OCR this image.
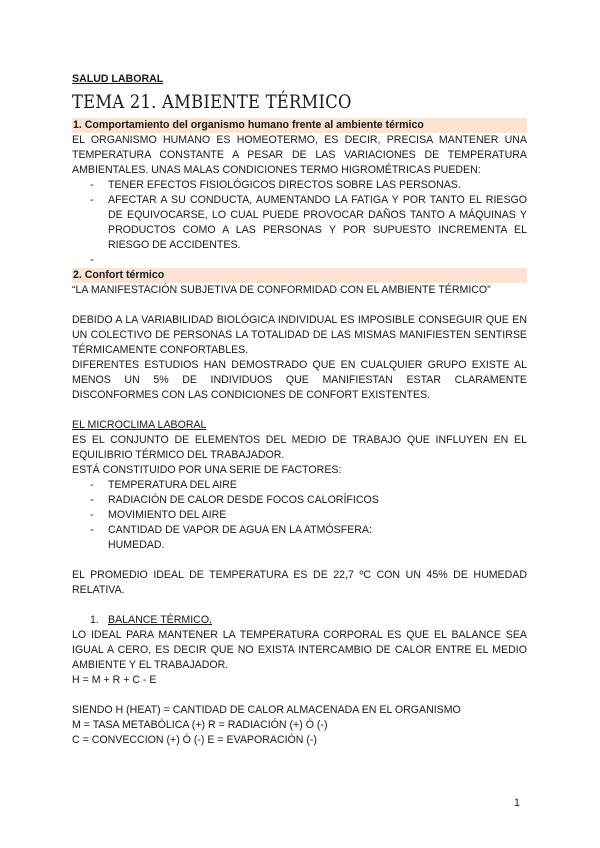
SALUD LABORAL

TEMA 21. AMBIENTE TÉRMICO

1. Comportamiento del organismo humano frente al ambiente térmico

EL ORGANISMO HUMANO ES HOMEOTERMO, ES DECIR, PRECISA MANTENER UNA TEMPERATURA CONSTANTE A PESAR DE LAS VARIACIONES DE TEMPERATURA AMBIENTALES. UNAS MALAS CONDICIONES TERMO HIGROMÉTRICAS PUEDEN:

- TENER EFECTOS FISIOLÓGICOS DIRECTOS SOBRE LAS PERSONAS.
- AFECTAR A SU CONDUCTA, AUMENTANDO LA FATIGA Y POR TANTO EL RIESGO DE EQUIVOCARSE, LO CUAL PUEDE PROVOCAR DAÑOS TANTO A MÁQUINAS Y PRODUCTOS COMO A LAS PERSONAS Y POR SUPUESTO INCREMENTA EL RIESGO DE ACCIDENTES.
-

2. Confort térmico

“LA MANIFESTACIÓN SUBJETIVA DE CONFORMIDAD CON EL AMBIENTE TÉRMICO”

DEBIDO A LA VARIABILIDAD BIOLÓGICA INDIVIDUAL ES IMPOSIBLE CONSEGUIR QUE EN UN COLECTIVO DE PERSONAS LA TOTALIDAD DE LAS MISMAS MANIFIESTEN SENTIRSE TÉRMICAMENTE CONFORTABLES.

DIFERENTES ESTUDIOS HAN DEMOSTRADO QUE EN CUALQUIER GRUPO EXISTE AL MENOS UN 5% DE INDIVIDUOS QUE MANIFIESTAN ESTAR CLARAMENTE DISCONFORMES CON LAS CONDICIONES DE CONFORT EXISTENTES.

EL MICROCLIMA LABORAL

ES EL CONJUNTO DE ELEMENTOS DEL MEDIO DE TRABAJO QUE INFLUYEN EN EL EQUILIBRIO TÉRMICO DEL TRABAJADOR.

ESTÁ CONSTITUIDO POR UNA SERIE DE FACTORES:

- TEMPERATURA DEL AIRE
- RADIACIÓN DE CALOR DESDE FOCOS CALORÍFICOS
- MOVIMIENTO DEL AIRE
- CANTIDAD DE VAPOR DE AGUA EN LA ATMÓSFERA:

HUMEDAD.

EL PROMEDIO IDEAL DE TEMPERATURA ES DE 22,7 ºC CON UN 45% DE HUMEDAD RELATIVA.

1. BALANCE TÉRMICO.

LO IDEAL PARA MANTENER LA TEMPERATURA CORPORAL ES QUE EL BALANCE SEA IGUAL A CERO, ES DECIR QUE NO EXISTA INTERCAMBIO DE CALOR ENTRE EL MEDIO AMBIENTE Y EL TRABAJADOR.

H = M + R + C - E

SIENDO H (HEAT) = CANTIDAD DE CALOR ALMACENADA EN EL ORGANISMO

M = TASA METABÓLICA (+) R = RADIACIÓN (+) Ó (-)

C = CONVECCION (+) Ó (-) E = EVAPORACIÓN (-)

1
